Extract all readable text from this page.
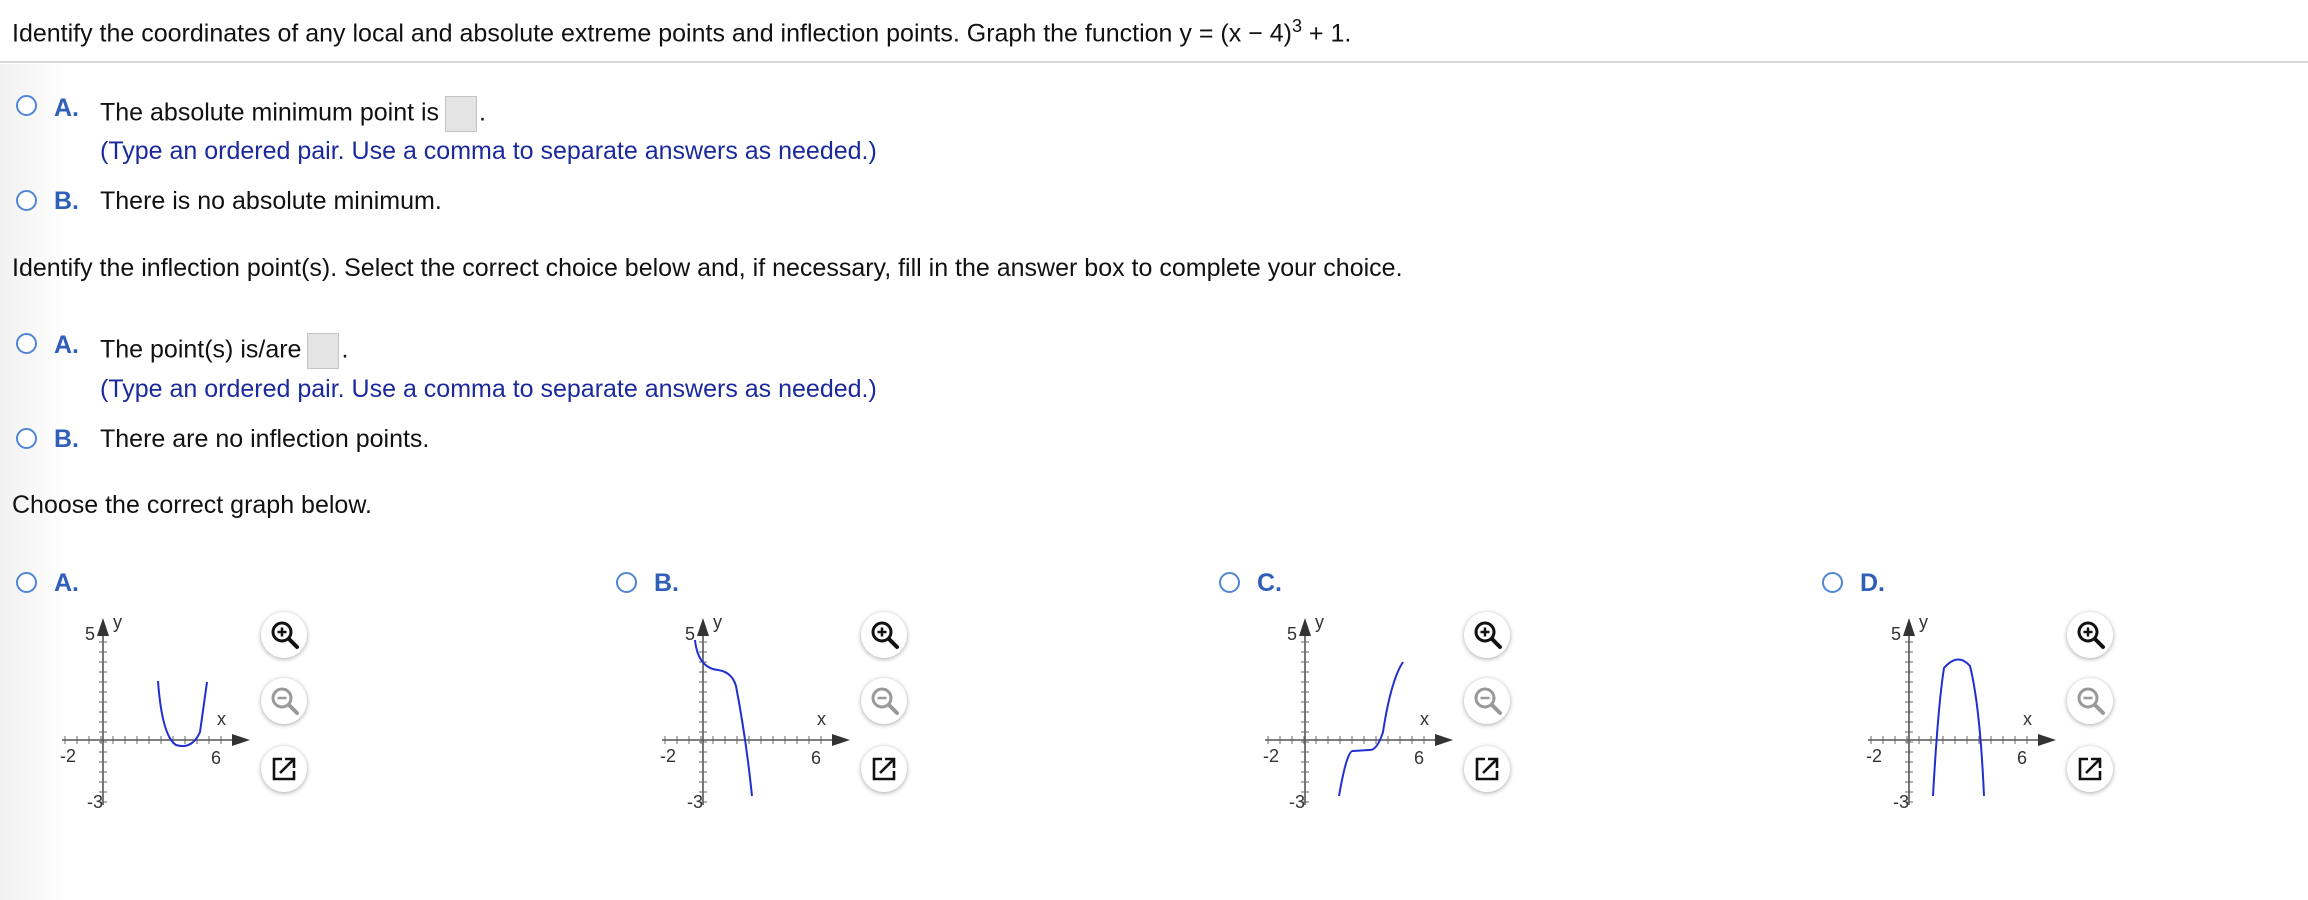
Identify the coordinates of any local and absolute extreme points and inflection points. Graph the function $y = (x - 4)^3 + 1$.
A. The absolute minimum point is .
(Type an ordered pair. Use a comma to separate answers as needed.)
B. There is no absolute minimum.
Identify the inflection point(s). Select the correct choice below and, if necessary, fill in the answer box to complete your choice.
A. The point(s) is/are .
(Type an ordered pair. Use a comma to separate answers as needed.)
B. There are no inflection points.
Choose the correct graph below.
A.
5
y
x
-2	6
-3
B.
5
y
x
-2	6
-3
C.
5
y
x
-2	6
-3
D.
5
y
x
-2	6
-3
